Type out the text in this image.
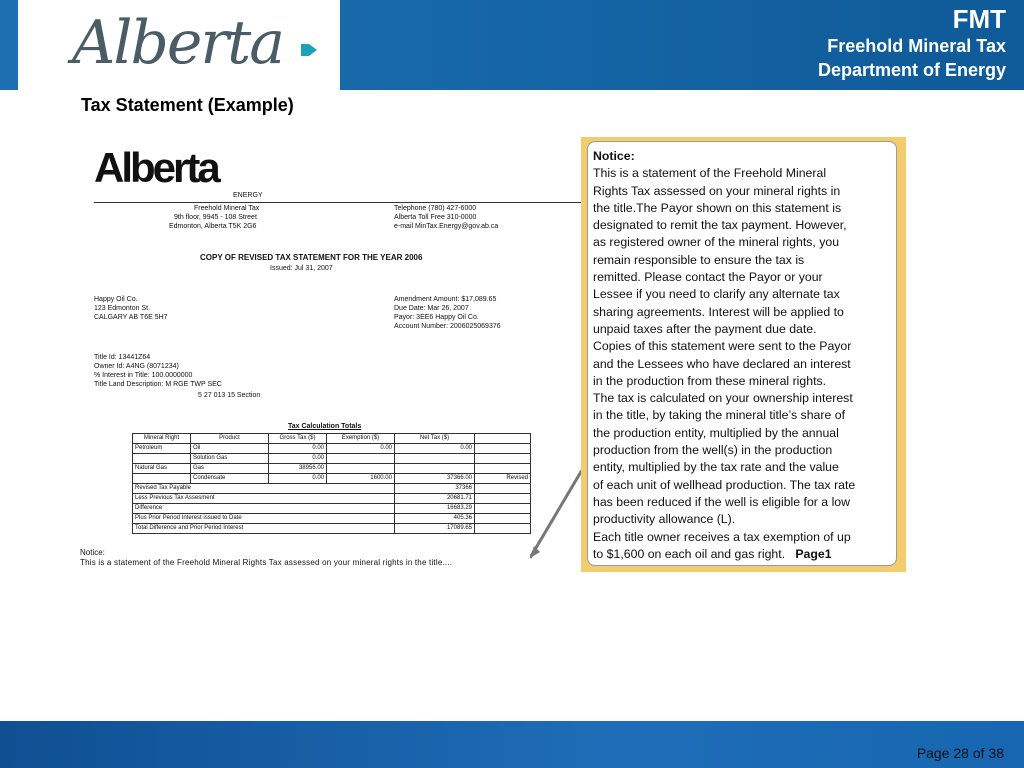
Alberta	FMT
Freehold Mineral Tax
Department of Energy
Tax Statement (Example)
Alberta
ENERGY
Freehold Mineral Tax
9th floor, 9945 - 108 Street
Edmonton, Alberta T5K 2G6
Telephone (780) 427-6000
Alberta Toll Free 310-0000
e-mail MinTax.Energy@gov.ab.ca
COPY OF REVISED TAX STATEMENT FOR THE YEAR 2006
Issued: Jul 31, 2007
Happy Oil Co.
123 Edmonton St.
CALGARY AB T6E 5H7
Amendment Amount: $17,089.65
Due Date: Mar 26, 2007
Payor: 3EE6 Happy Oil Co.
Account Number: 2006025069376
Title Id: 13441Z64
Owner Id: A4NG (8071234)
% Interest in Title: 100.0000000
Title Land Description: M RGE TWP SEC
5 27 013 15 Section
Tax Calculation Totals
Mineral Right	Product	Gross Tax ($)	Exemption ($)	Net Tax ($)	
Petroleum	Oil	0.00	0.00	0.00	
	Solution Gas	0.00			
Natural Gas	Gas	38956.00			
	Condensate	0.00	1600.00	37366.00	Revised
Revised Tax Payable				37366	
Less Previous Tax Assesment				20681.71	
Difference				16683.29	
Plus Prior Period Interest issued to Date				405.36	
Total Difference and Prior Period Interest				17089.65	
Notice:
This is a statement of the Freehold Mineral Rights Tax assessed on your mineral rights in the title....
Notice:
This is a statement of the Freehold Mineral
Rights Tax assessed on your mineral rights in
the title.The Payor shown on this statement is
designated to remit the tax payment. However,
as registered owner of the mineral rights, you
remain responsible to ensure the tax is
remitted. Please contact the Payor or your
Lessee if you need to clarify any alternate tax
sharing agreements. Interest will be applied to
unpaid taxes after the payment due date.
Copies of this statement were sent to the Payor
and the Lessees who have declared an interest
in the production from these mineral rights.
The tax is calculated on your ownership interest
in the title, by taking the mineral title’s share of
the production entity, multiplied by the annual
production from the well(s) in the production
entity, multiplied by the tax rate and the value
of each unit of wellhead production. The tax rate
has been reduced if the well is eligible for a low
productivity allowance (L).
Each title owner receives a tax exemption of up
to $1,600 on each oil and gas right. Page1
Page 28 of 38
